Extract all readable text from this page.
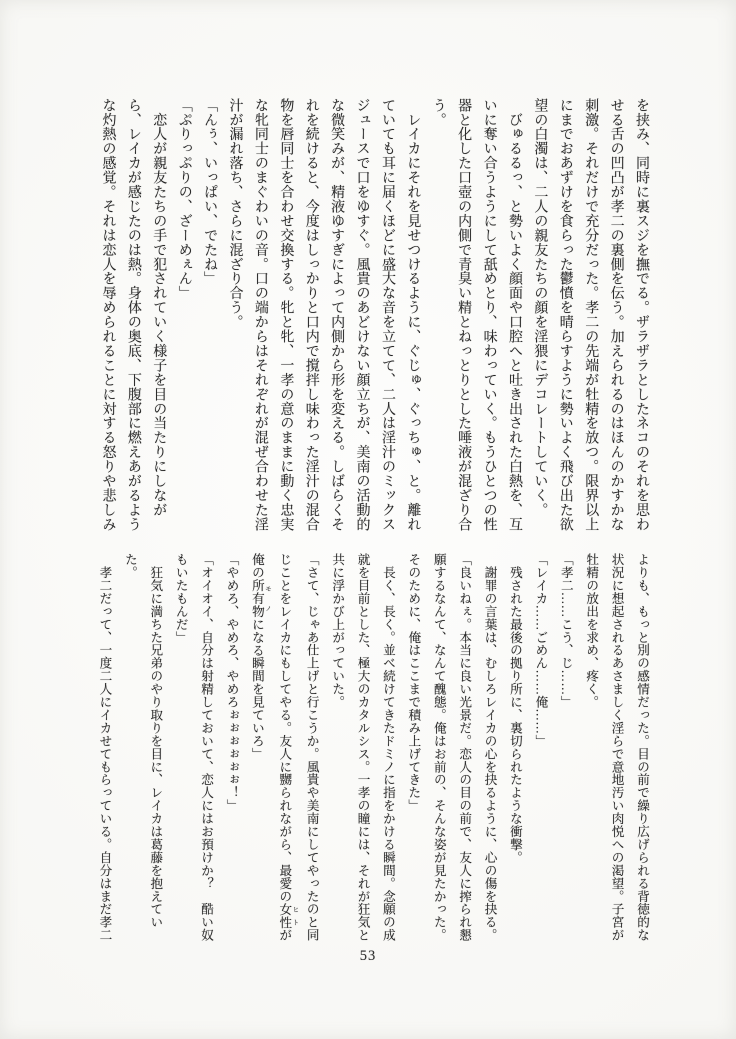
を挟み、同時に裏スジを撫でる。ザラザラとしたネコのそれを思わ

せる舌の凹凸が孝二の裏側を伝う。加えられるのはほんのかすかな

刺激。それだけで充分だった。孝二の先端が牡精を放つ。限界以上

にまでおあずけを食らった鬱憤を晴らすように勢いよく飛び出た欲

望の白濁は、二人の親友たちの顔を淫猥にデコレートしていく。

　びゅるるっ、と勢いよく顔面や口腔へと吐き出された白熱を、互

いに奪い合うようにして舐めとり、味わっていく。もうひとつの性

器と化した口壺の内側で青臭い精とねっとりとした唾液が混ざり合

う。

　レイカにそれを見せつけるように、ぐじゅ、ぐっちゅ、と。離れ

ていても耳に届くほどに盛大な音を立てて、二人は淫汁のミックス

ジュースで口をゆすぐ。風貴のあどけない顔立ちが、美南の活動的

な微笑みが、精液ゆすぎによって内側から形を変える。しばらくそ

れを続けると、今度はしっかりと口内で撹拌し味わった淫汁の混合

物を唇同士を合わせ交換する。牝と牝、一孝の意のままに動く忠実

な牝同士のまぐわいの音。口の端からはそれぞれが混ぜ合わせた淫

汁が漏れ落ち、さらに混ざり合う。

「んぅ、いっぱい、でたね」

「ぷりっぷりの、ざーめぇん」

　恋人が親友たちの手で犯されていく様子を目の当たりにしなが

ら、レイカが感じたのは熱。身体の奥底、下腹部に燃えあがるよう

な灼熱の感覚。それは恋人を辱められることに対する怒りや悲しみ

よりも、もっと別の感情だった。目の前で繰り広げられる背徳的な

状況に想起されるあさましく淫らで意地汚い肉悦への渇望。子宮が

牡精の放出を求め、疼く。

「孝二……こう、じ……」

「レイカ……ごめん……俺……」

　残された最後の拠り所に、裏切られたような衝撃。

　謝罪の言葉は、むしろレイカの心を抉るように、心の傷を抉る。

「良いねぇ。本当に良い光景だ。恋人の目の前で、友人に搾られ懇

願するなんて、なんて醜態。俺はお前の、そんな姿が見たかった。

そのために、俺はここまで積み上げてきた」

　長く、長く。並べ続けてきたドミノに指をかける瞬間。念願の成

就を目前とした、極大のカタルシス。一孝の瞳には、それが狂気と

共に浮かび上がっていた。

「さて、じゃあ仕上げと行こうか。風貴や美南にしてやったのと同

じことをレイカにもしてやる。友人に嬲られながら、最愛の女性 ヒトが

俺の所有物 モノになる瞬間を見ていろ」

「やめろ、やめろ、やめろぉぉぉぉぉぉ！」

「オイオイ、自分は射精しておいて、恋人にはお預けか？　酷い奴

もいたもんだ」

　狂気に満ちた兄弟のやり取りを目に、レイカは葛藤を抱えてい

た。

　孝二だって、一度二人にイカせてもらっている。自分はまだ孝二

53
